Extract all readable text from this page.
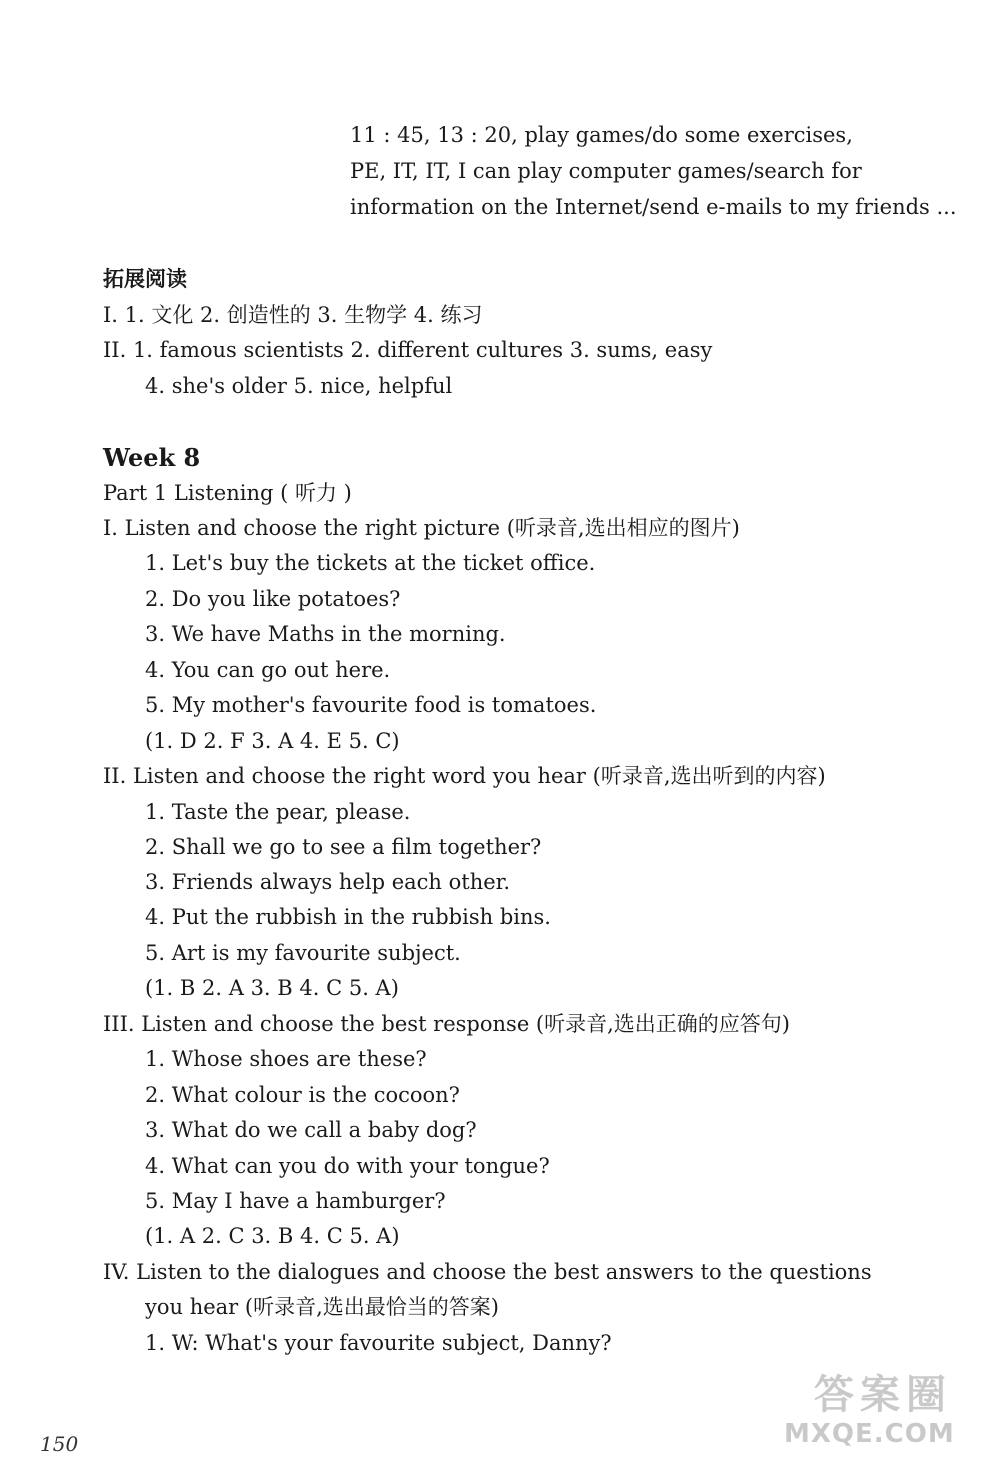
11 : 45, 13 : 20, play games/do some exercises,
PE, IT, IT, I can play computer games/search for
information on the Internet/send e-mails to my friends ...
拓展阅读
I. 1. 文化 2. 创造性的 3. 生物学 4. 练习
II. 1. famous scientists 2. different cultures 3. sums, easy
4. she's older 5. nice, helpful
Week 8
Part 1 Listening ( 听力 )
I. Listen and choose the right picture (听录音,选出相应的图片)
1. Let's buy the tickets at the ticket office.
2. Do you like potatoes?
3. We have Maths in the morning.
4. You can go out here.
5. My mother's favourite food is tomatoes.
(1. D 2. F 3. A 4. E 5. C)
II. Listen and choose the right word you hear (听录音,选出听到的内容)
1. Taste the pear, please.
2. Shall we go to see a film together?
3. Friends always help each other.
4. Put the rubbish in the rubbish bins.
5. Art is my favourite subject.
(1. B 2. A 3. B 4. C 5. A)
III. Listen and choose the best response (听录音,选出正确的应答句)
1. Whose shoes are these?
2. What colour is the cocoon?
3. What do we call a baby dog?
4. What can you do with your tongue?
5. May I have a hamburger?
(1. A 2. C 3. B 4. C 5. A)
IV. Listen to the dialogues and choose the best answers to the questions
you hear (听录音,选出最恰当的答案)
1. W: What's your favourite subject, Danny?
150
答案圈
MXQE.COM
